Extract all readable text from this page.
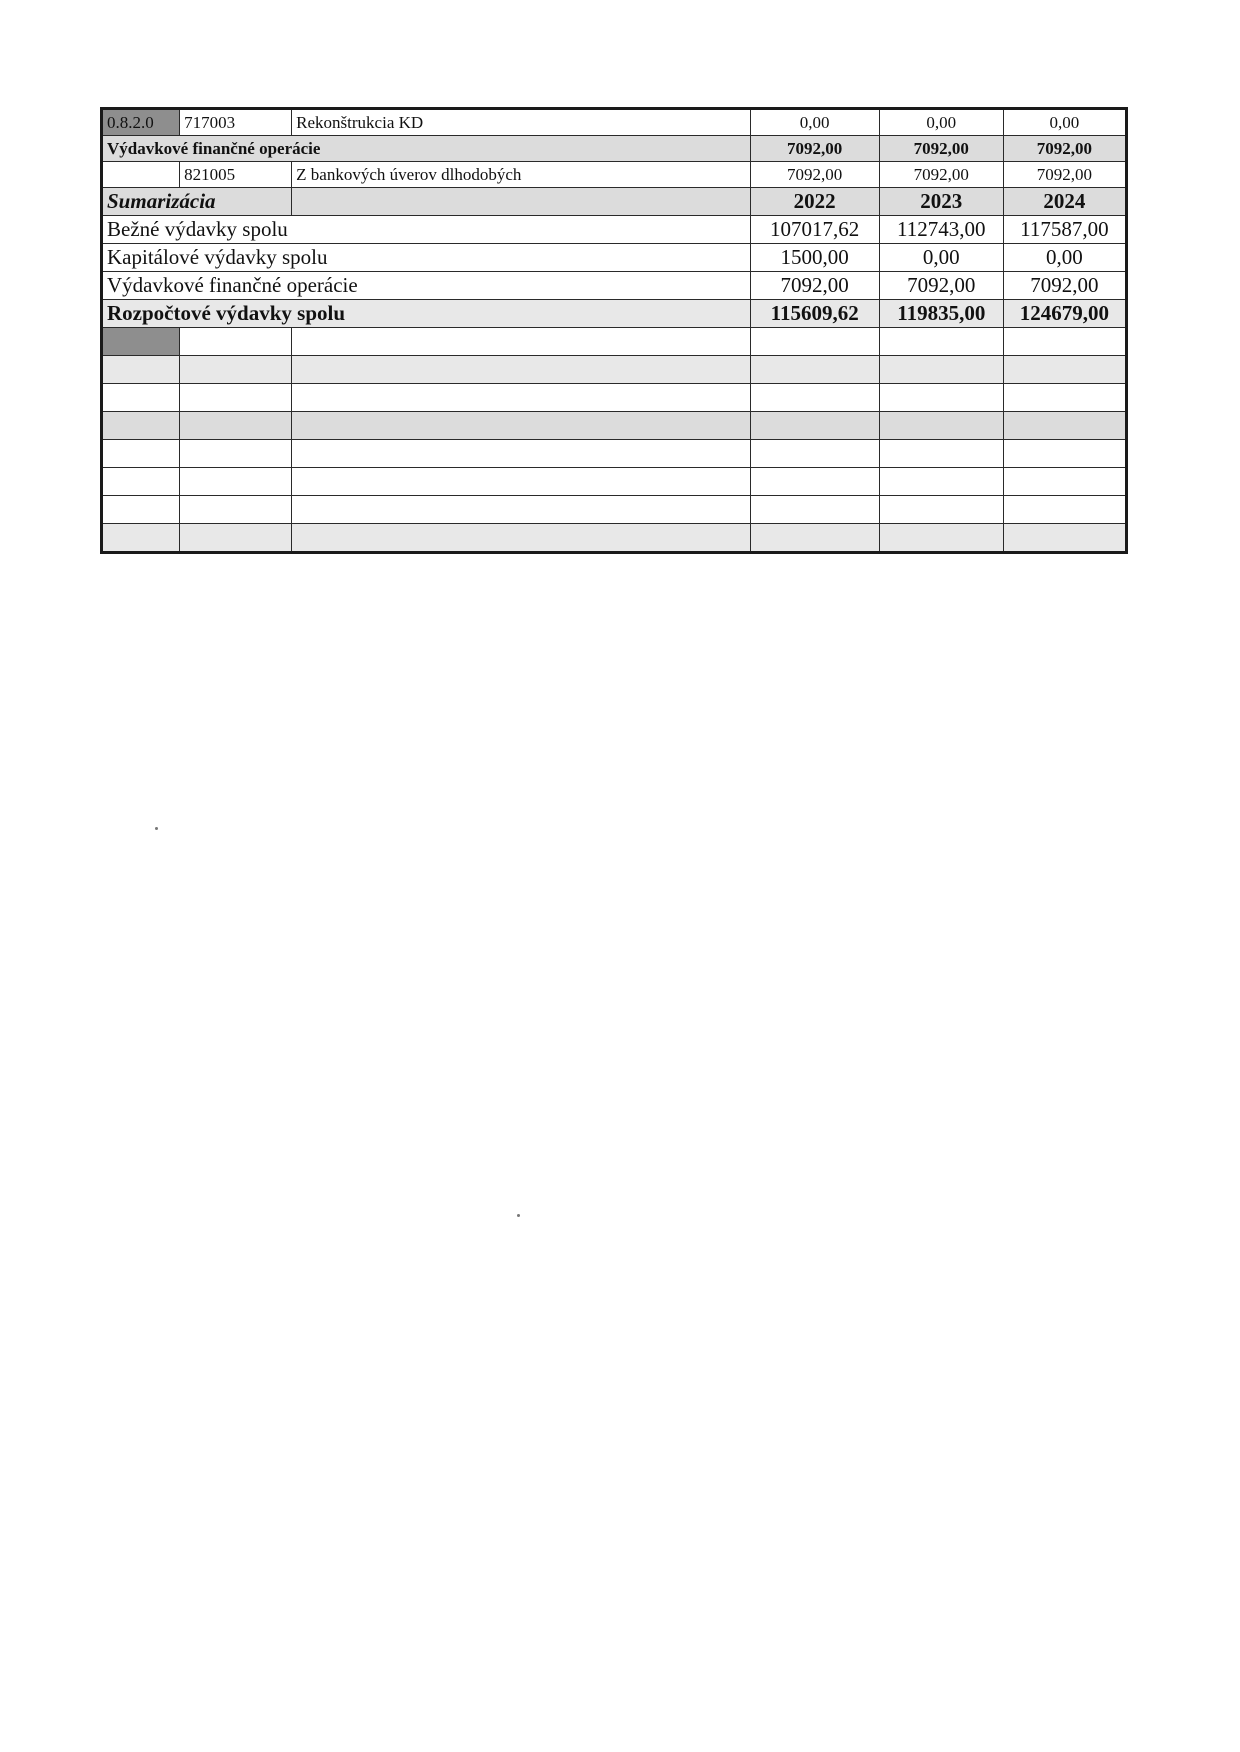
0.8.2.0	717003	Rekonštrukcia KD	0,00	0,00	0,00
Výdavkové finančné operácie			7092,00	7092,00	7092,00
	821005	Z bankových úverov dlhodobých	7092,00	7092,00	7092,00
Sumarizácia			2022	2023	2024
Bežné výdavky spolu			107017,62	112743,00	117587,00
Kapitálové výdavky spolu			1500,00	0,00	0,00
Výdavkové finančné operácie			7092,00	7092,00	7092,00
Rozpočtové výdavky spolu			115609,62	119835,00	124679,00
